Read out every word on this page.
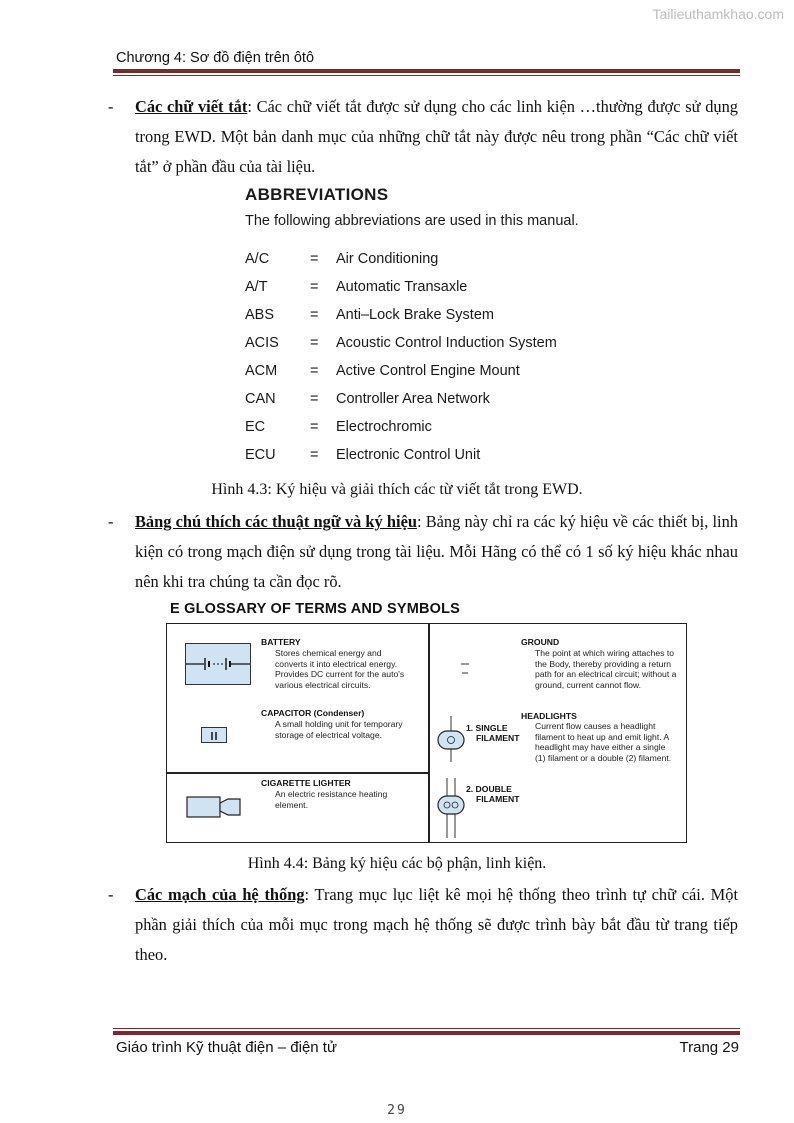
Tailieuthamkhao.com
Chương 4: Sơ đồ điện trên ôtô
- Các chữ viết tắt: Các chữ viết tắt được sử dụng cho các linh kiện …thường được sử dụng trong EWD. Một bản danh mục của những chữ tắt này được nêu trong phần “Các chữ viết tắt” ở phần đầu của tài liệu.
ABBREVIATIONS
The following abbreviations are used in this manual.
A/C	= Air Conditioning
A/T	= Automatic Transaxle
ABS = Anti–Lock Brake System
ACIS = Acoustic Control Induction System
ACM = Active Control Engine Mount
CAN = Controller Area Network
EC	= Electrochromic
ECU = Electronic Control Unit
Hình 4.3: Ký hiệu và giải thích các từ viết tắt trong EWD.
- Bảng chú thích các thuật ngữ và ký hiệu: Bảng này chỉ ra các ký hiệu về các thiết bị, linh kiện có trong mạch điện sử dụng trong tài liệu. Mỗi Hãng có thể có 1 số ký hiệu khác nhau nên khi tra chúng ta cần đọc rõ.
E GLOSSARY OF TERMS AND SYMBOLS
BATTERY
Stores chemical energy and
converts it into electrical energy.
Provides DC current for the auto's
various electrical circuits.
CAPACITOR (Condenser)
A small holding unit for temporary
storage of electrical voltage.
CIGARETTE LIGHTER
An electric resistance heating
element.
GROUND
The point at which wiring attaches to
the Body, thereby providing a return
path for an electrical circuit; without a
ground, current cannot flow.
HEADLIGHTS
1. SINGLE
FILAMENT
Current flow causes a headlight
filament to heat up and emit light. A
headlight may have either a single
(1) filament or a double (2) filament.
2. DOUBLE
FILAMENT
Hình 4.4: Bảng ký hiệu các bộ phận, linh kiện.
- Các mạch của hệ thống: Trang mục lục liệt kê mọi hệ thống theo trình tự chữ cái. Một phần giải thích của mỗi mục trong mạch hệ thống sẽ được trình bày bắt đầu từ trang tiếp theo.
Giáo trình Kỹ thuật điện – điện tử	Trang 29
29
